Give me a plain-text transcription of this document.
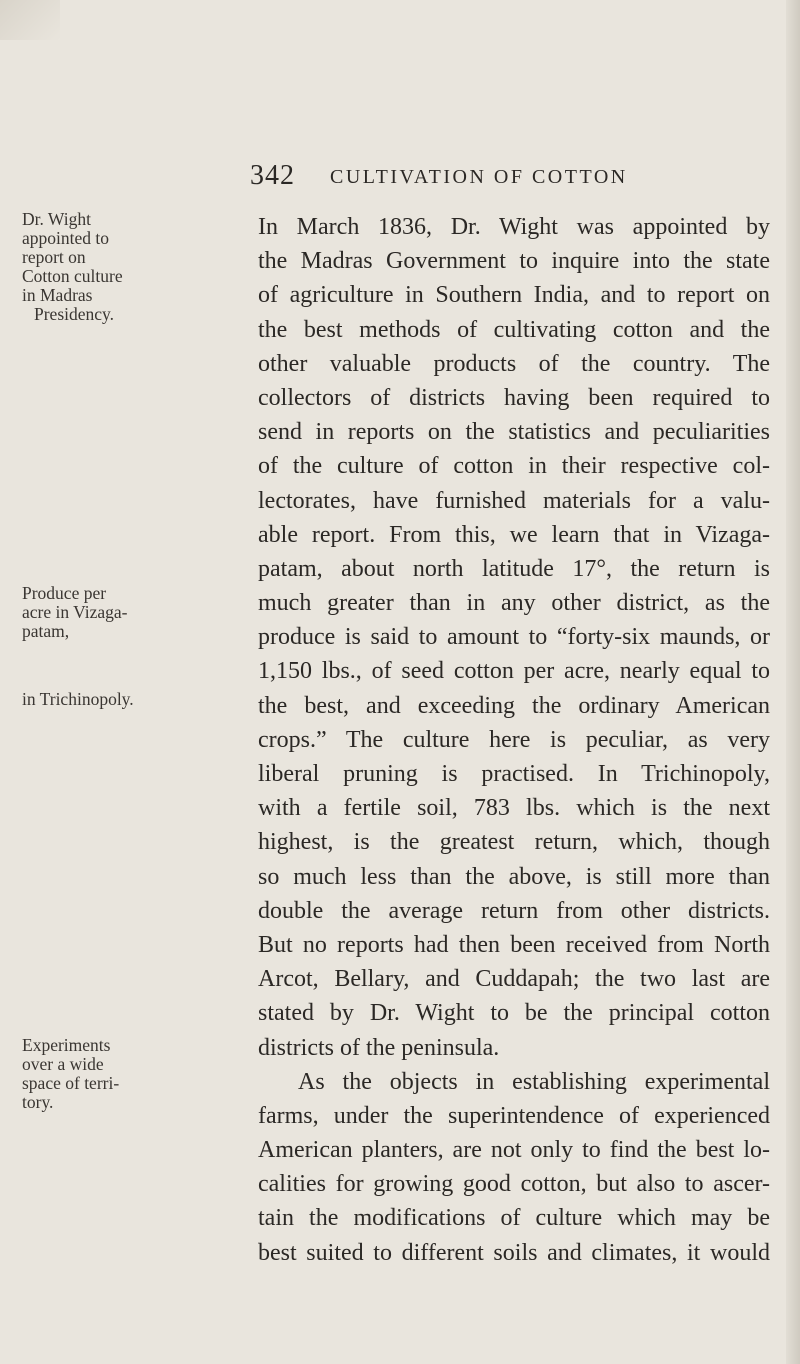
342 CULTIVATION OF COTTON
Dr. Wight
appointed to
report on
Cotton culture
in Madras
Presidency.
Produce per
acre in Vizaga-
patam,
in Trichinopoly.
Experiments
over a wide
space of terri-
tory.
In March 1836, Dr. Wight was appointed by
the Madras Government to inquire into the state
of agriculture in Southern India, and to report on
the best methods of cultivating cotton and the
other valuable products of the country. The
collectors of districts having been required to
send in reports on the statistics and peculiarities
of the culture of cotton in their respective col-
lectorates, have furnished materials for a valu-
able report. From this, we learn that in Vizaga-
patam, about north latitude 17°, the return is
much greater than in any other district, as the
produce is said to amount to “forty-six maunds, or
1,150 lbs., of seed cotton per acre, nearly equal to
the best, and exceeding the ordinary American
crops.” The culture here is peculiar, as very
liberal pruning is practised. In Trichinopoly,
with a fertile soil, 783 lbs. which is the next
highest, is the greatest return, which, though
so much less than the above, is still more than
double the average return from other districts.
But no reports had then been received from North
Arcot, Bellary, and Cuddapah; the two last are
stated by Dr. Wight to be the principal cotton
districts of the peninsula.
As the objects in establishing experimental
farms, under the superintendence of experienced
American planters, are not only to find the best lo-
calities for growing good cotton, but also to ascer-
tain the modifications of culture which may be
best suited to different soils and climates, it would
